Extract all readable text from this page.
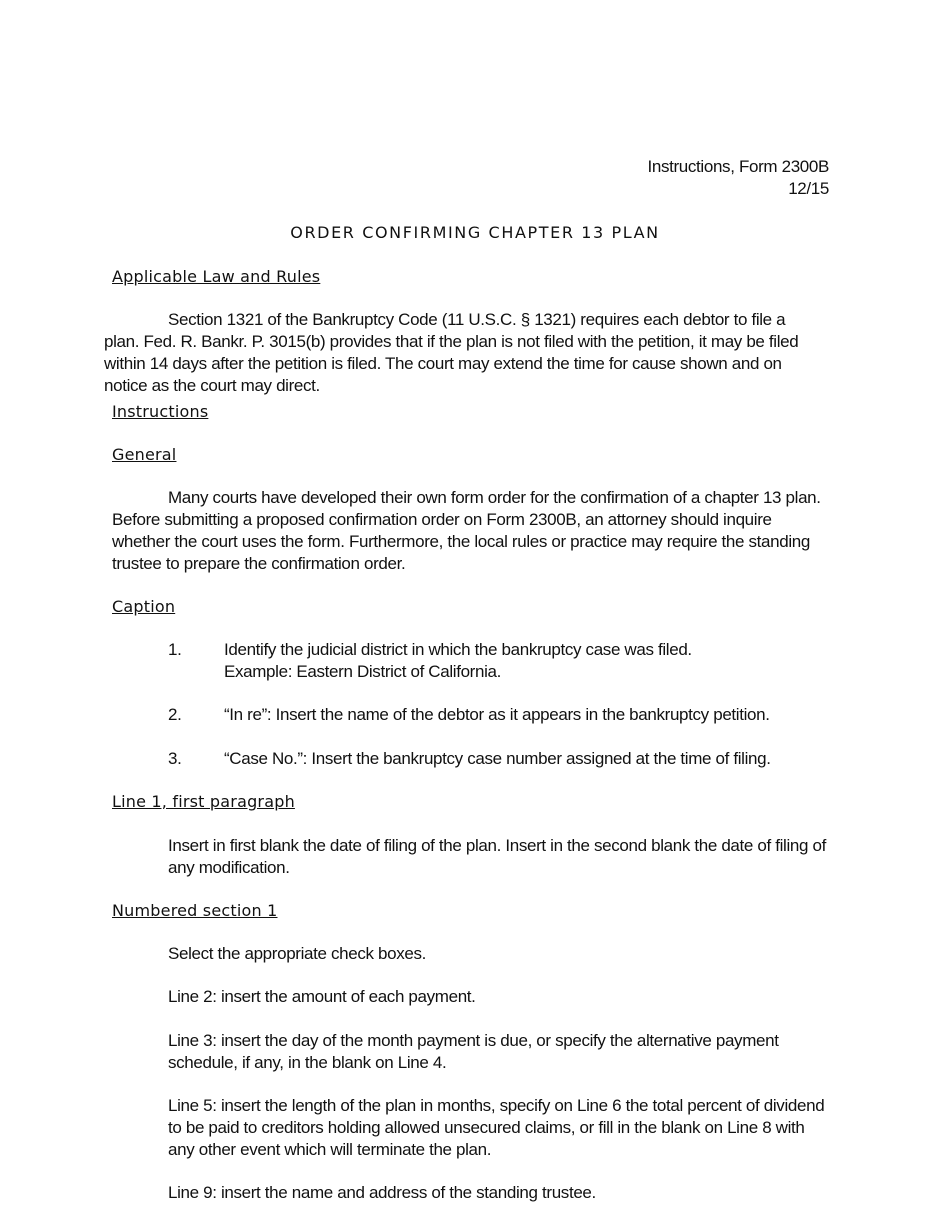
Instructions, Form 2300B
12/15
ORDER CONFIRMING CHAPTER 13 PLAN
Applicable Law and Rules
Section 1321 of the Bankruptcy Code (11 U.S.C. § 1321) requires each debtor to file a plan. Fed. R. Bankr. P. 3015(b) provides that if the plan is not filed with the petition, it may be filed within 14 days after the petition is filed. The court may extend the time for cause shown and on notice as the court may direct.
Instructions
General
Many courts have developed their own form order for the confirmation of a chapter 13 plan. Before submitting a proposed confirmation order on Form 2300B, an attorney should inquire whether the court uses the form. Furthermore, the local rules or practice may require the standing trustee to prepare the confirmation order.
Caption
1.	Identify the judicial district in which the bankruptcy case was filed.
Example: Eastern District of California.
2.	“In re”: Insert the name of the debtor as it appears in the bankruptcy petition.
3.	“Case No.”: Insert the bankruptcy case number assigned at the time of filing.
Line 1, first paragraph
Insert in first blank the date of filing of the plan. Insert in the second blank the date of filing of any modification.
Numbered section 1
Select the appropriate check boxes.
Line 2: insert the amount of each payment.
Line 3: insert the day of the month payment is due, or specify the alternative payment schedule, if any, in the blank on Line 4.
Line 5: insert the length of the plan in months, specify on Line 6 the total percent of dividend to be paid to creditors holding allowed unsecured claims, or fill in the blank on Line 8 with any other event which will terminate the plan.
Line 9: insert the name and address of the standing trustee.
